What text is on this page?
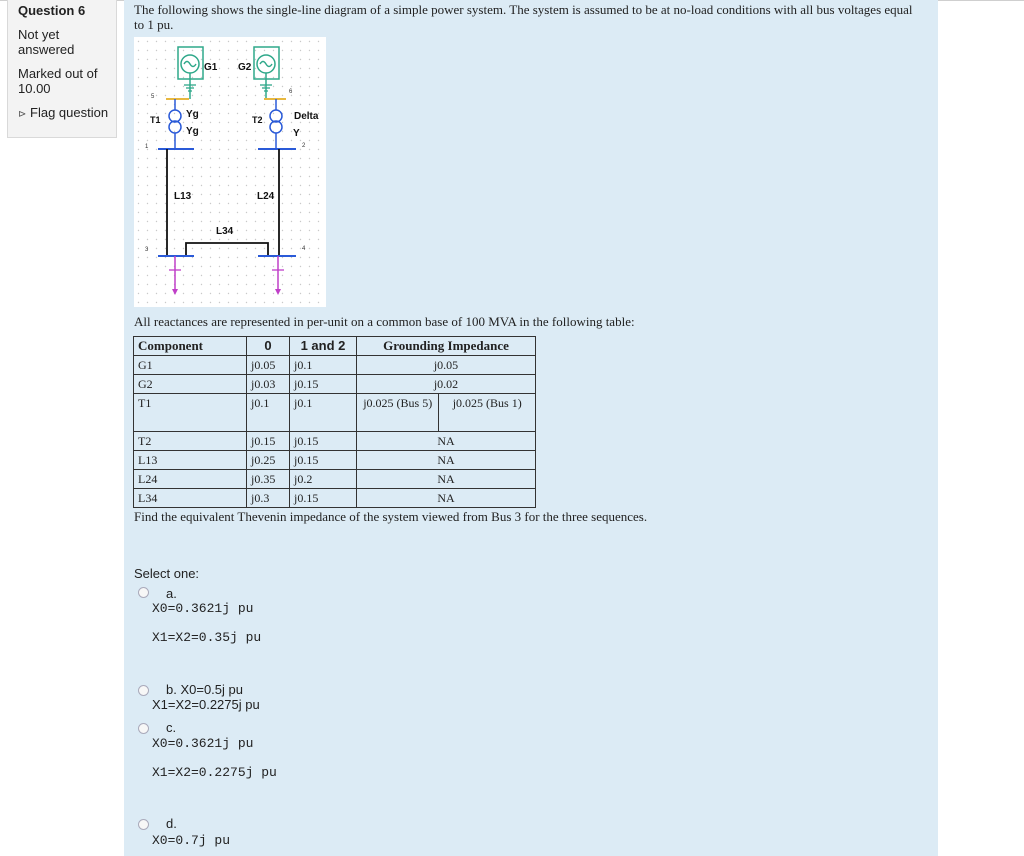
Question 6
Not yet answered
Marked out of 10.00
⊳ Flag question
The following shows the single-line diagram of a simple power system. The system is assumed to be at no-load conditions with all bus voltages equal to 1 pu.
G1 G2
5
6
T1	Yg
Yg
T2	Delta
Y
1	2
L13	L24
L34
3	4
All reactances are represented in per-unit on a common base of 100 MVA in the following table:
Component	0	1 and 2	Grounding Impedance	
G1	j0.05	j0.1	j0.05	
G2	j0.03	j0.15	j0.02	
T1	j0.1	j0.1	j0.025 (Bus 5)	j0.025 (Bus 1)
T2	j0.15	j0.15	NA	
L13	j0.25	j0.15	NA	
L24	j0.35	j0.2	NA	
L34	j0.3	j0.15	NA	
Find the equivalent Thevenin impedance of the system viewed from Bus 3 for the three sequences.
Select one:
a.
X0=0.3621j pu
X1=X2=0.35j pu
b. X0=0.5j pu
X1=X2=0.2275j pu
c.
X0=0.3621j pu
X1=X2=0.2275j pu
d.
X0=0.7j pu
